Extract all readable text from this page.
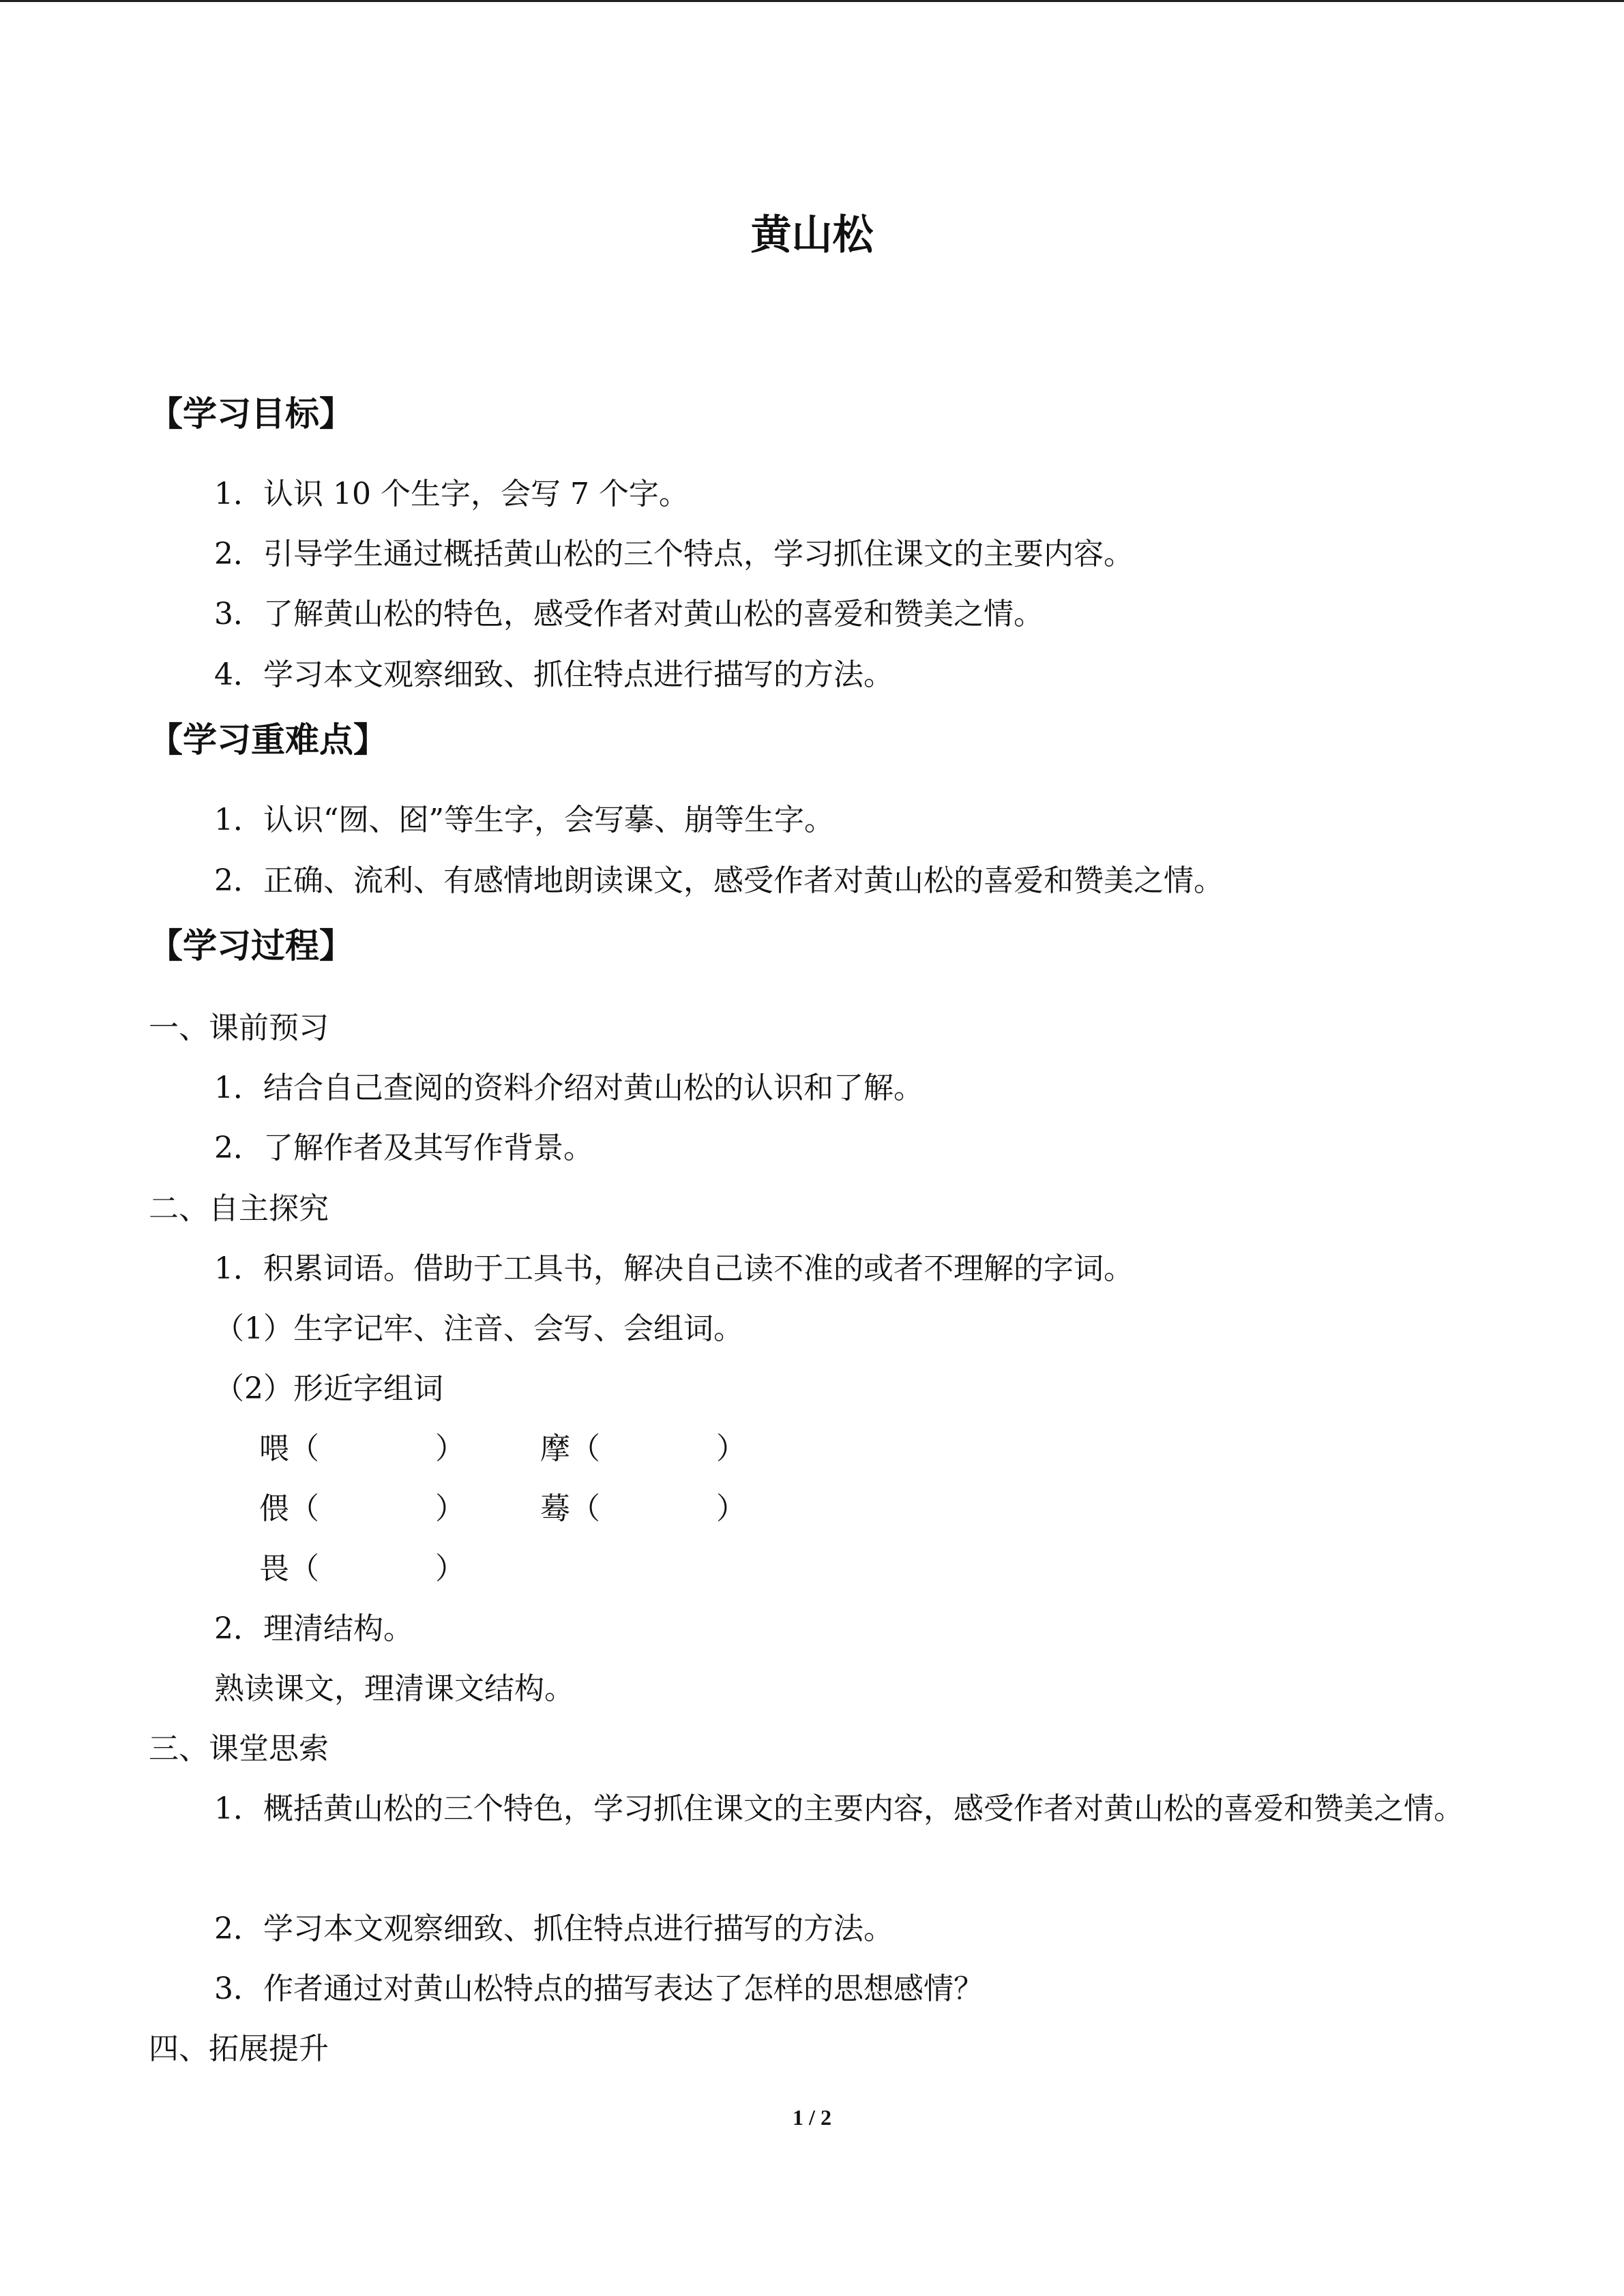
黄山松
【学习目标】
1．认识 10 个生字，会写 7 个字。
2．引导学生通过概括黄山松的三个特点，学习抓住课文的主要内容。
3．了解黄山松的特色，感受作者对黄山松的喜爱和赞美之情。
4．学习本文观察细致、抓住特点进行描写的方法。
【学习重难点】
1．认识“囫、囵”等生字，会写摹、崩等生字。
2．正确、流利、有感情地朗读课文，感受作者对黄山松的喜爱和赞美之情。
【学习过程】
一、课前预习
1．结合自己查阅的资料介绍对黄山松的认识和了解。
2．了解作者及其写作背景。
二、自主探究
1．积累词语。借助于工具书，解决自己读不准的或者不理解的字词。
（1）生字记牢、注音、会写、会组词。
（2）形近字组词
喂（	）	摩（	）
偎（	）	蓦（	）
畏（	）
2．理清结构。
熟读课文，理清课文结构。
三、课堂思索
1．概括黄山松的三个特色，学习抓住课文的主要内容，感受作者对黄山松的喜爱和赞美之情。
2．学习本文观察细致、抓住特点进行描写的方法。
3．作者通过对黄山松特点的描写表达了怎样的思想感情？
四、拓展提升
1 / 2
